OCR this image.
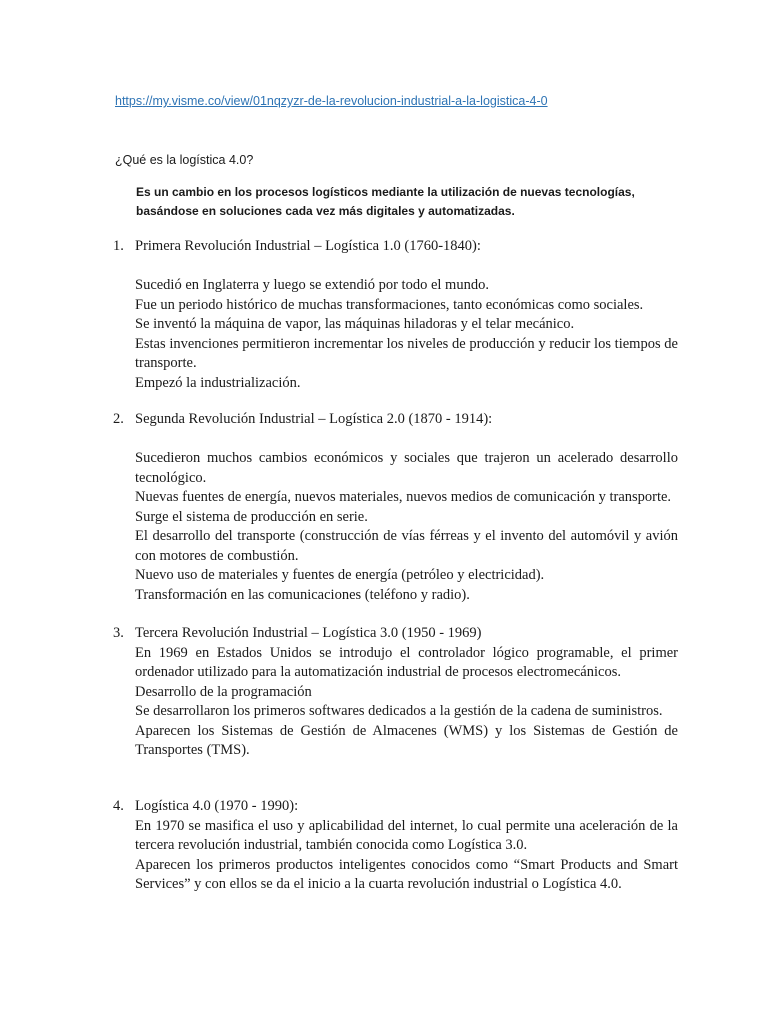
https://my.visme.co/view/01nqzyzr-de-la-revolucion-industrial-a-la-logistica-4-0
¿Qué es la logística 4.0?
Es un cambio en los procesos logísticos mediante la utilización de nuevas tecnologías, basándose en soluciones cada vez más digitales y automatizadas.
1. Primera Revolución Industrial – Logística 1.0 (1760-1840):

Sucedió en Inglaterra y luego se extendió por todo el mundo.

Fue un periodo histórico de muchas transformaciones, tanto económicas como sociales.

Se inventó la máquina de vapor, las máquinas hiladoras y el telar mecánico.

Estas invenciones permitieron incrementar los niveles de producción y reducir los tiempos de transporte.

Empezó la industrialización.

2. Segunda Revolución Industrial – Logística 2.0 (1870 - 1914):

Sucedieron muchos cambios económicos y sociales que trajeron un acelerado desarrollo tecnológico.

Nuevas fuentes de energía, nuevos materiales, nuevos medios de comunicación y transporte.

Surge el sistema de producción en serie.

El desarrollo del transporte (construcción de vías férreas y el invento del automóvil y avión con motores de combustión.

Nuevo uso de materiales y fuentes de energía (petróleo y electricidad).

Transformación en las comunicaciones (teléfono y radio).

3. Tercera Revolución Industrial – Logística 3.0 (1950 - 1969)

En 1969 en Estados Unidos se introdujo el controlador lógico programable, el primer ordenador utilizado para la automatización industrial de procesos electromecánicos.

Desarrollo de la programación

Se desarrollaron los primeros softwares dedicados a la gestión de la cadena de suministros.

Aparecen los Sistemas de Gestión de Almacenes (WMS) y los Sistemas de Gestión de Transportes (TMS).

4. Logística 4.0 (1970 - 1990):

En 1970 se masifica el uso y aplicabilidad del internet, lo cual permite una aceleración de la tercera revolución industrial, también conocida como Logística 3.0.

Aparecen los primeros productos inteligentes conocidos como “Smart Products and Smart Services” y con ellos se da el inicio a la cuarta revolución industrial o Logística 4.0.
